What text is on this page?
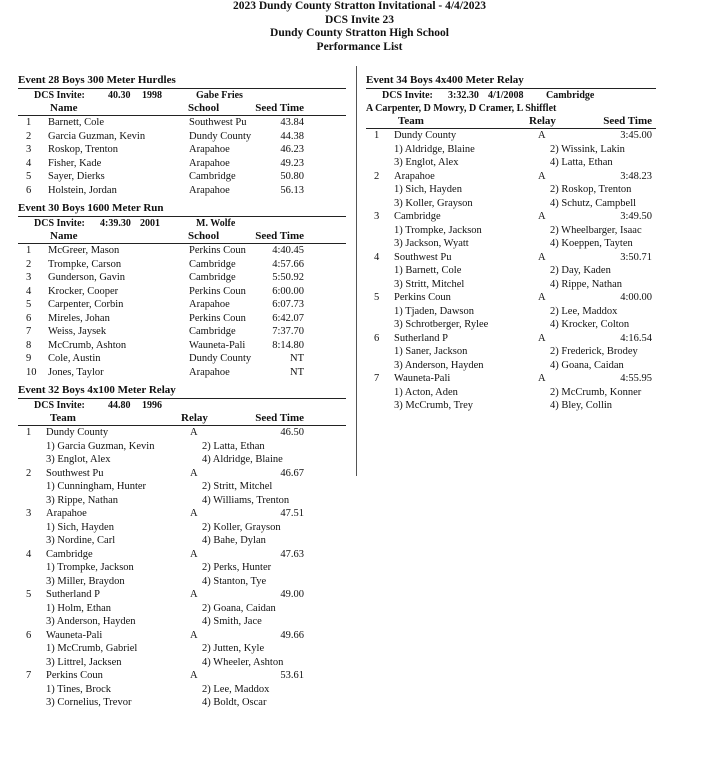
2023 Dundy County Stratton Invitational - 4/4/2023
DCS Invite 23
Dundy County Stratton High School
Performance List
Event 28 Boys 300 Meter Hurdles
DCS Invite: 40.30 1998	Gabe Fries
Name	School	Seed Time
1 Barnett, Cole	Southwest Pu	43.84
2 Garcia Guzman, Kevin	Dundy County	44.38
3 Roskop, Trenton	Arapahoe	46.23
4 Fisher, Kade	Arapahoe	49.23
5 Sayer, Dierks	Cambridge	50.80
6 Holstein, Jordan	Arapahoe	56.13
Event 30 Boys 1600 Meter Run
DCS Invite: 4:39.30 2001	M. Wolfe
Name	School	Seed Time
1 McGreer, Mason	Perkins Coun	4:40.45
2 Trompke, Carson	Cambridge	4:57.66
3 Gunderson, Gavin	Cambridge	5:50.92
4 Krocker, Cooper	Perkins Coun	6:00.00
5 Carpenter, Corbin	Arapahoe	6:07.73
6 Mireles, Johan	Perkins Coun	6:42.07
7 Weiss, Jaysek	Cambridge	7:37.70
8 McCrumb, Ashton	Wauneta-Pali	8:14.80
9 Cole, Austin	Dundy County	NT
10 Jones, Taylor	Arapahoe	NT
Event 32 Boys 4x100 Meter Relay
DCS Invite: 44.80 1996
Team	Relay	Seed Time
1 Dundy County	A	46.50
1) Garcia Guzman, Kevin	2) Latta, Ethan
3) Englot, Alex	4) Aldridge, Blaine
2 Southwest Pu	A	46.67
1) Cunningham, Hunter	2) Stritt, Mitchel
3) Rippe, Nathan	4) Williams, Trenton
3 Arapahoe	A	47.51
1) Sich, Hayden	2) Koller, Grayson
3) Nordine, Carl	4) Bahe, Dylan
4 Cambridge	A	47.63
1) Trompke, Jackson	2) Perks, Hunter
3) Miller, Braydon	4) Stanton, Tye
5 Sutherland P	A	49.00
1) Holm, Ethan	2) Goana, Caidan
3) Anderson, Hayden	4) Smith, Jace
6 Wauneta-Pali	A	49.66
1) McCrumb, Gabriel	2) Jutten, Kyle
3) Littrel, Jacksen	4) Wheeler, Ashton
7 Perkins Coun	A	53.61
1) Tines, Brock	2) Lee, Maddox
3) Cornelius, Trevor	4) Boldt, Oscar
Event 34 Boys 4x400 Meter Relay
DCS Invite: 3:32.30 4/1/2008 Cambridge
A Carpenter, D Mowry, D Cramer, L Shifflet
Team	Relay	Seed Time
1 Dundy County	A	3:45.00
1) Aldridge, Blaine	2) Wissink, Lakin
3) Englot, Alex	4) Latta, Ethan
2 Arapahoe	A	3:48.23
1) Sich, Hayden	2) Roskop, Trenton
3) Koller, Grayson	4) Schutz, Campbell
3 Cambridge	A	3:49.50
1) Trompke, Jackson	2) Wheelbarger, Isaac
3) Jackson, Wyatt	4) Koeppen, Tayten
4 Southwest Pu	A	3:50.71
1) Barnett, Cole	2) Day, Kaden
3) Stritt, Mitchel	4) Rippe, Nathan
5 Perkins Coun	A	4:00.00
1) Tjaden, Dawson	2) Lee, Maddox
3) Schrotberger, Rylee	4) Krocker, Colton
6 Sutherland P	A	4:16.54
1) Saner, Jackson	2) Frederick, Brodey
3) Anderson, Hayden	4) Goana, Caidan
7 Wauneta-Pali	A	4:55.95
1) Acton, Aden	2) McCrumb, Konner
3) McCrumb, Trey	4) Bley, Collin
